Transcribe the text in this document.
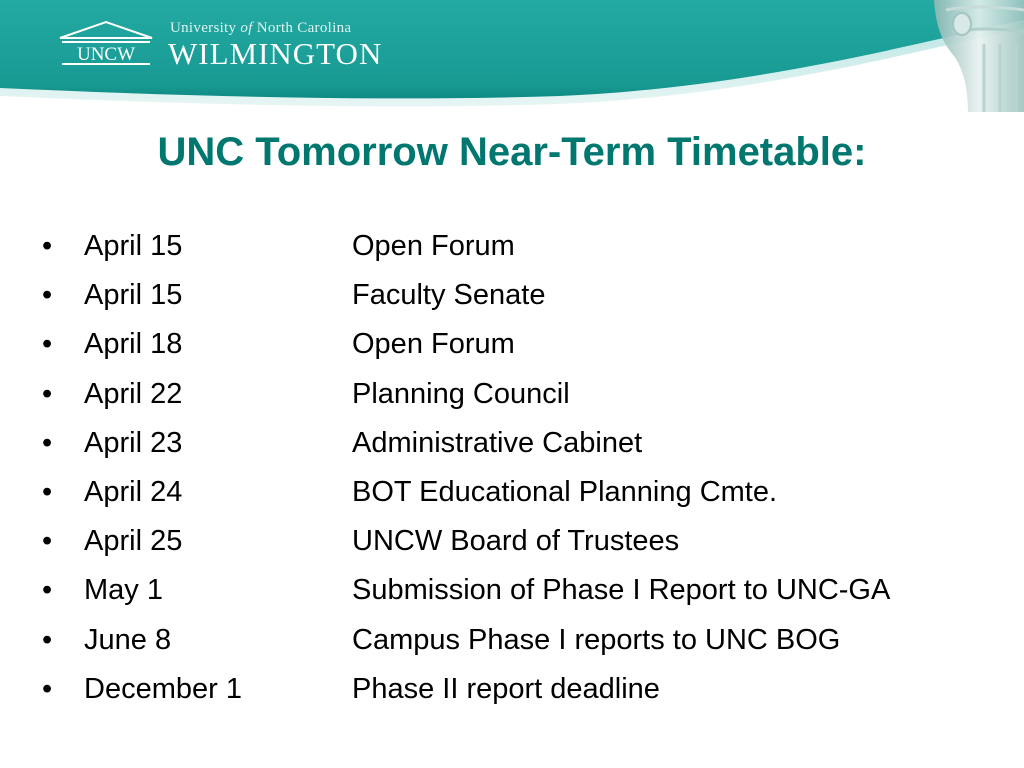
UNCW
University of North Carolina
WILMINGTON
UNC Tomorrow Near-Term Timetable:
• April 15	Open Forum
• April 15	Faculty Senate
• April 18	Open Forum
• April 22	Planning Council
• April 23	Administrative Cabinet
• April 24	BOT Educational Planning Cmte.
• April 25	UNCW Board of Trustees
• May 1	Submission of Phase I Report to UNC-GA
• June 8	Campus Phase I reports to UNC BOG
• December 1	Phase II report deadline
